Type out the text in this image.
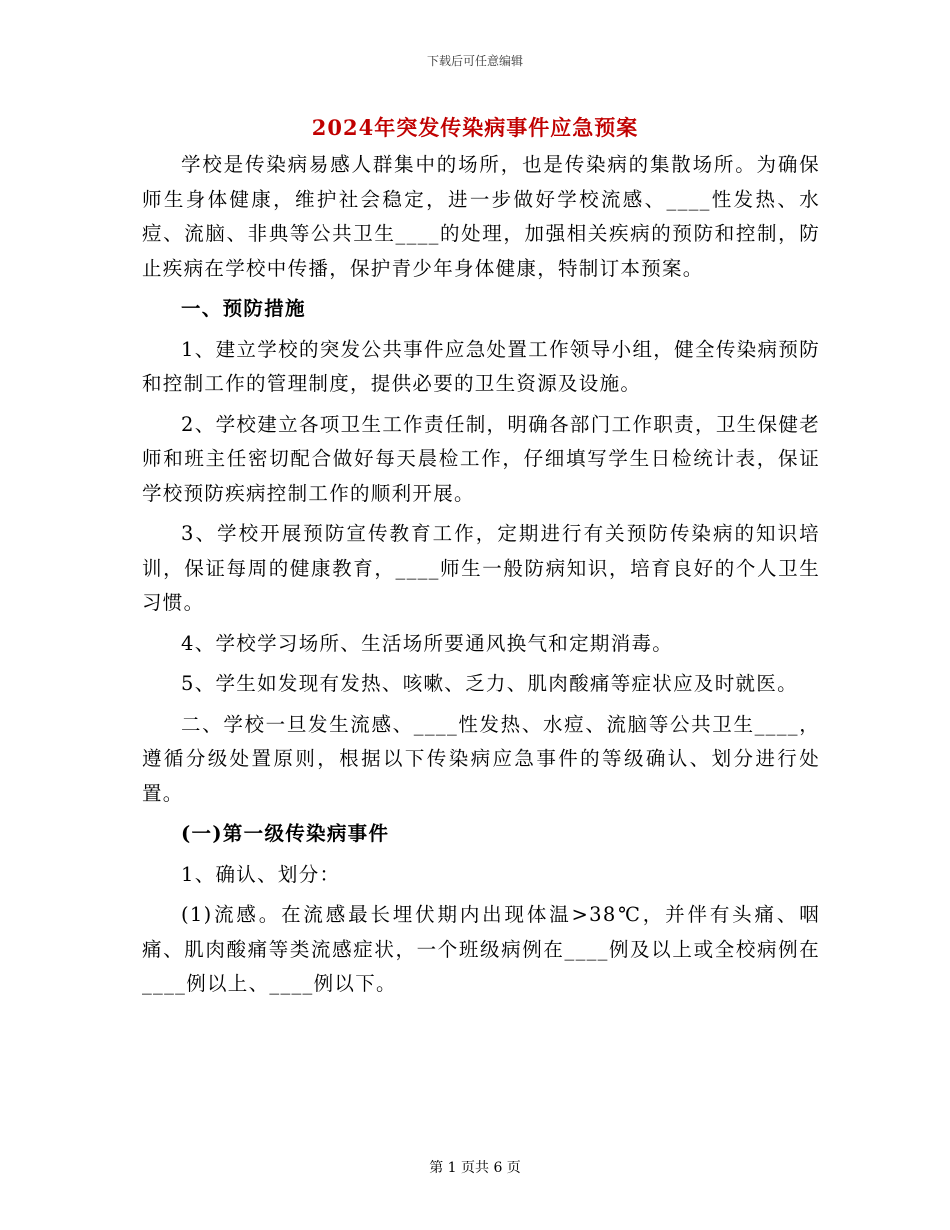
下载后可任意编辑
2024年突发传染病事件应急预案

学校是传染病易感人群集中的场所，也是传染病的集散场所。为确保师生身体健康，维护社会稳定，进一步做好学校流感、____性发热、水痘、流脑、非典等公共卫生____的处理，加强相关疾病的预防和控制，防止疾病在学校中传播，保护青少年身体健康，特制订本预案。

一、预防措施

1、建立学校的突发公共事件应急处置工作领导小组，健全传染病预防和控制工作的管理制度，提供必要的卫生资源及设施。

2、学校建立各项卫生工作责任制，明确各部门工作职责，卫生保健老师和班主任密切配合做好每天晨检工作，仔细填写学生日检统计表，保证学校预防疾病控制工作的顺利开展。

3、学校开展预防宣传教育工作，定期进行有关预防传染病的知识培训，保证每周的健康教育，____师生一般防病知识，培育良好的个人卫生习惯。

4、学校学习场所、生活场所要通风换气和定期消毒。

5、学生如发现有发热、咳嗽、乏力、肌肉酸痛等症状应及时就医。

二、学校一旦发生流感、____性发热、水痘、流脑等公共卫生____，遵循分级处置原则，根据以下传染病应急事件的等级确认、划分进行处置。

(一)第一级传染病事件

1、确认、划分：

(1)流感。在流感最长埋伏期内出现体温>38℃，并伴有头痛、咽痛、肌肉酸痛等类流感症状，一个班级病例在____例及以上或全校病例在____例以上、____例以下。

第 1 页共 6 页
